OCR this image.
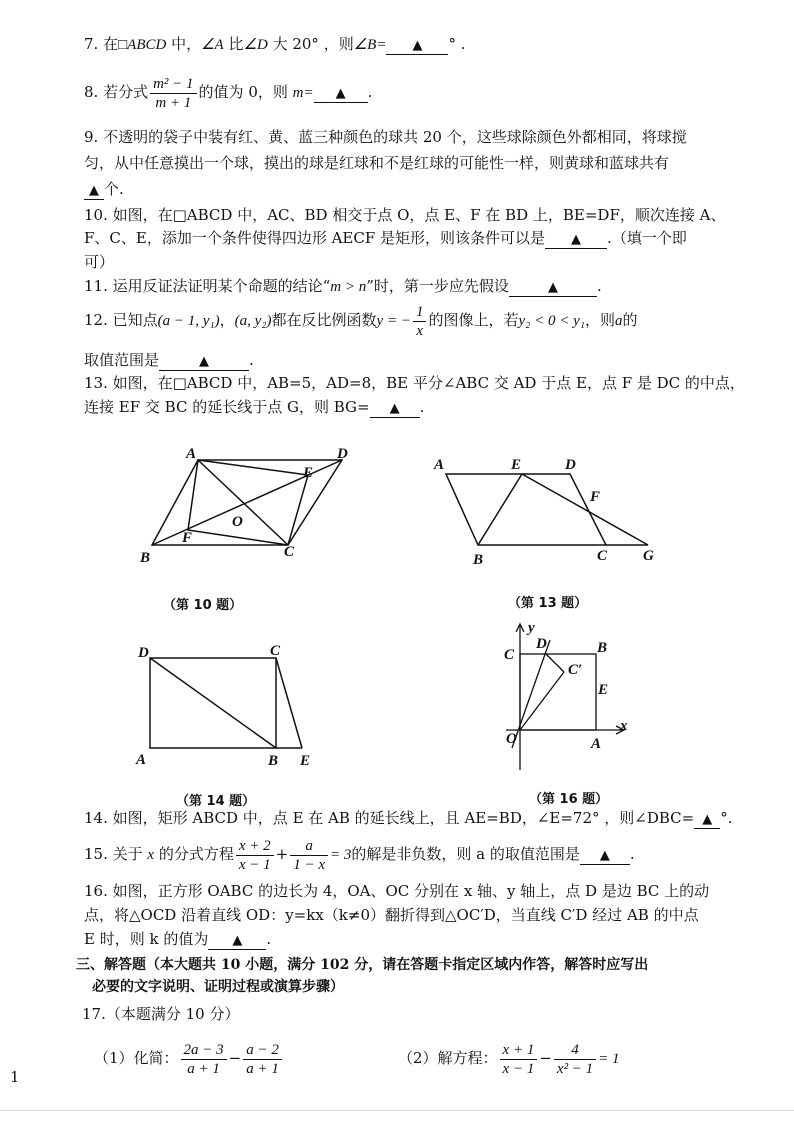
7. 在□ABCD 中，∠A 比∠D 大 20° ，则∠B= ▲ ° .
8. 若分式 $\frac{\text{m² − 1}}{m + 1}$ 的值为 0，则 m= ▲ .
9. 不透明的袋子中装有红、黄、蓝三种颜色的球共 20 个，这些球除颜色外都相同，将球搅
匀，从中任意摸出一个球，摸出的球是红球和不是红球的可能性一样，则黄球和蓝球共有
▲ 个.
10. 如图，在□ABCD 中，AC、BD 相交于点 O，点 E、F 在 BD 上，BE=DF，顺次连接 A、
F、C、E，添加一个条件使得四边形 AECF 是矩形，则该条件可以是 ▲ .（填一个即
可）
11. 运用反证法证明某个命题的结论“m > n”时，第一步应先假设	▲	.
12. 已知点(a − 1, y₁)，(a, y₂)都在反比例函数y = − $\frac{1}{x}$ 的图像上，若y₂ < 0 < y₁，则a的
取值范围是	▲	.
13. 如图，在□ABCD 中，AB=5，AD=8，BE 平分∠ABC 交 AD 于点 E，点 F 是 DC 的中点，
连接 EF 交 BC 的延长线于点 G，则 BG= ▲ .
A	D
E
O
F
B	C
（第 10 题）
A	E	D
F
B	C G
（第 13 题）
D	C
A	B E
（第 14 题）
y
C
D	B
C′
E
x
O	A
（第 16 题）
14. 如图，矩形 ABCD 中，点 E 在 AB 的延长线上，且 AE=BD，∠E=72° ，则∠DBC= ▲ °.
15. 关于 x 的分式方程 $\frac{x + 2}{x - 1} + \frac{a}{1 - x} = 3$的解是非负数，则 a 的取值范围是 ▲ .
16. 如图，正方形 OABC 的边长为 4，OA、OC 分别在 x 轴、y 轴上，点 D 是边 BC 上的动
点，将△OCD 沿着直线 OD：y=kx（k≠0）翻折得到△OC′D，当直线 C′D 经过 AB 的中点
E 时，则 k 的值为 ▲ .
三、解答题（本大题共 10 小题，满分 102 分，请在答题卡指定区域内作答，解答时应写出
必要的文字说明、证明过程或演算步骤）
17.（本题满分 10 分）
（1）化简： $\frac{2a - 3}{a + 1} - \frac{a - 2}{a + 1}$	（2）解方程： $\frac{x + 1}{x - 1} - \frac{4}{\text{x² − 1}} = 1$
1
